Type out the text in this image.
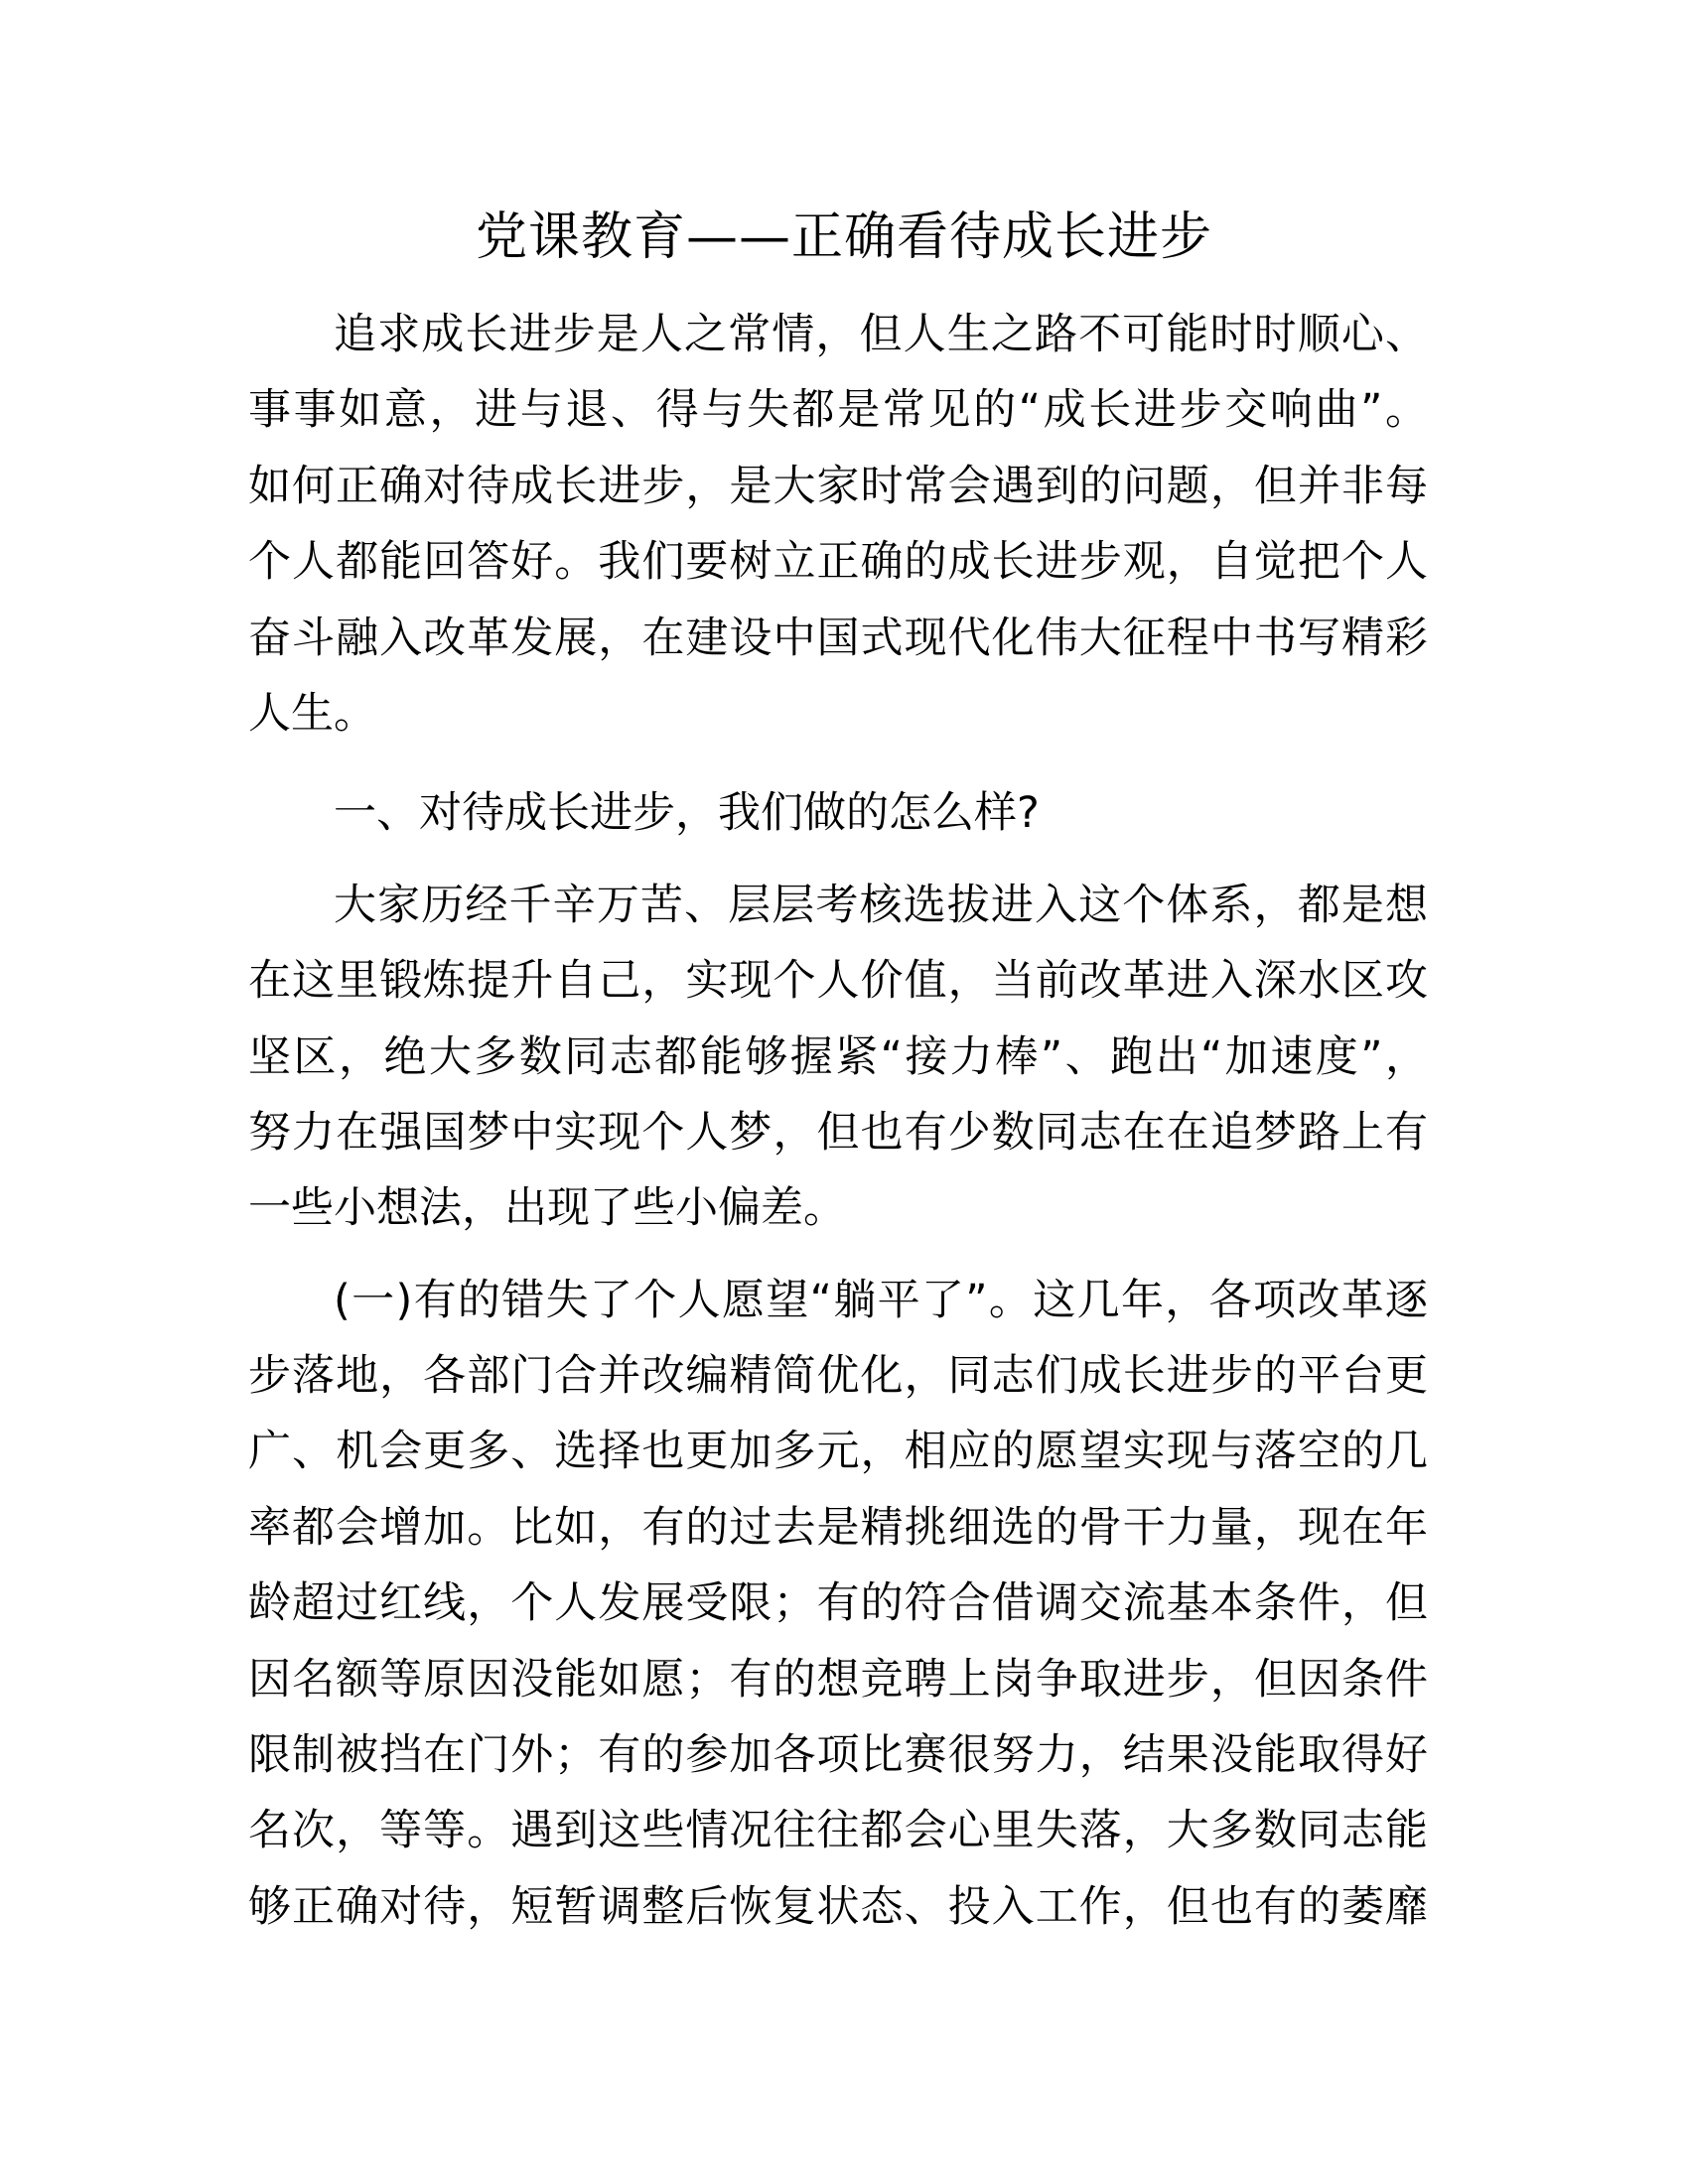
党课教育——正确看待成长进步
追求成长进步是人之常情，但人生之路不可能时时顺心、
事事如意，进与退、得与失都是常见的“成长进步交响曲”。
如何正确对待成长进步，是大家时常会遇到的问题，但并非每
个人都能回答好。我们要树立正确的成长进步观，自觉把个人
奋斗融入改革发展，在建设中国式现代化伟大征程中书写精彩
人生。
一、对待成长进步，我们做的怎么样?
大家历经千辛万苦、层层考核选拔进入这个体系，都是想
在这里锻炼提升自己，实现个人价值，当前改革进入深水区攻
坚区，绝大多数同志都能够握紧“接力棒”、跑出“加速度”，
努力在强国梦中实现个人梦，但也有少数同志在在追梦路上有
一些小想法，出现了些小偏差。
(一)有的错失了个人愿望“躺平了”。这几年，各项改革逐
步落地，各部门合并改编精简优化，同志们成长进步的平台更
广、机会更多、选择也更加多元，相应的愿望实现与落空的几
率都会增加。比如，有的过去是精挑细选的骨干力量，现在年
龄超过红线，个人发展受限；有的符合借调交流基本条件，但
因名额等原因没能如愿；有的想竞聘上岗争取进步，但因条件
限制被挡在门外；有的参加各项比赛很努力，结果没能取得好
名次，等等。遇到这些情况往往都会心里失落，大多数同志能
够正确对待，短暂调整后恢复状态、投入工作，但也有的萎靡
